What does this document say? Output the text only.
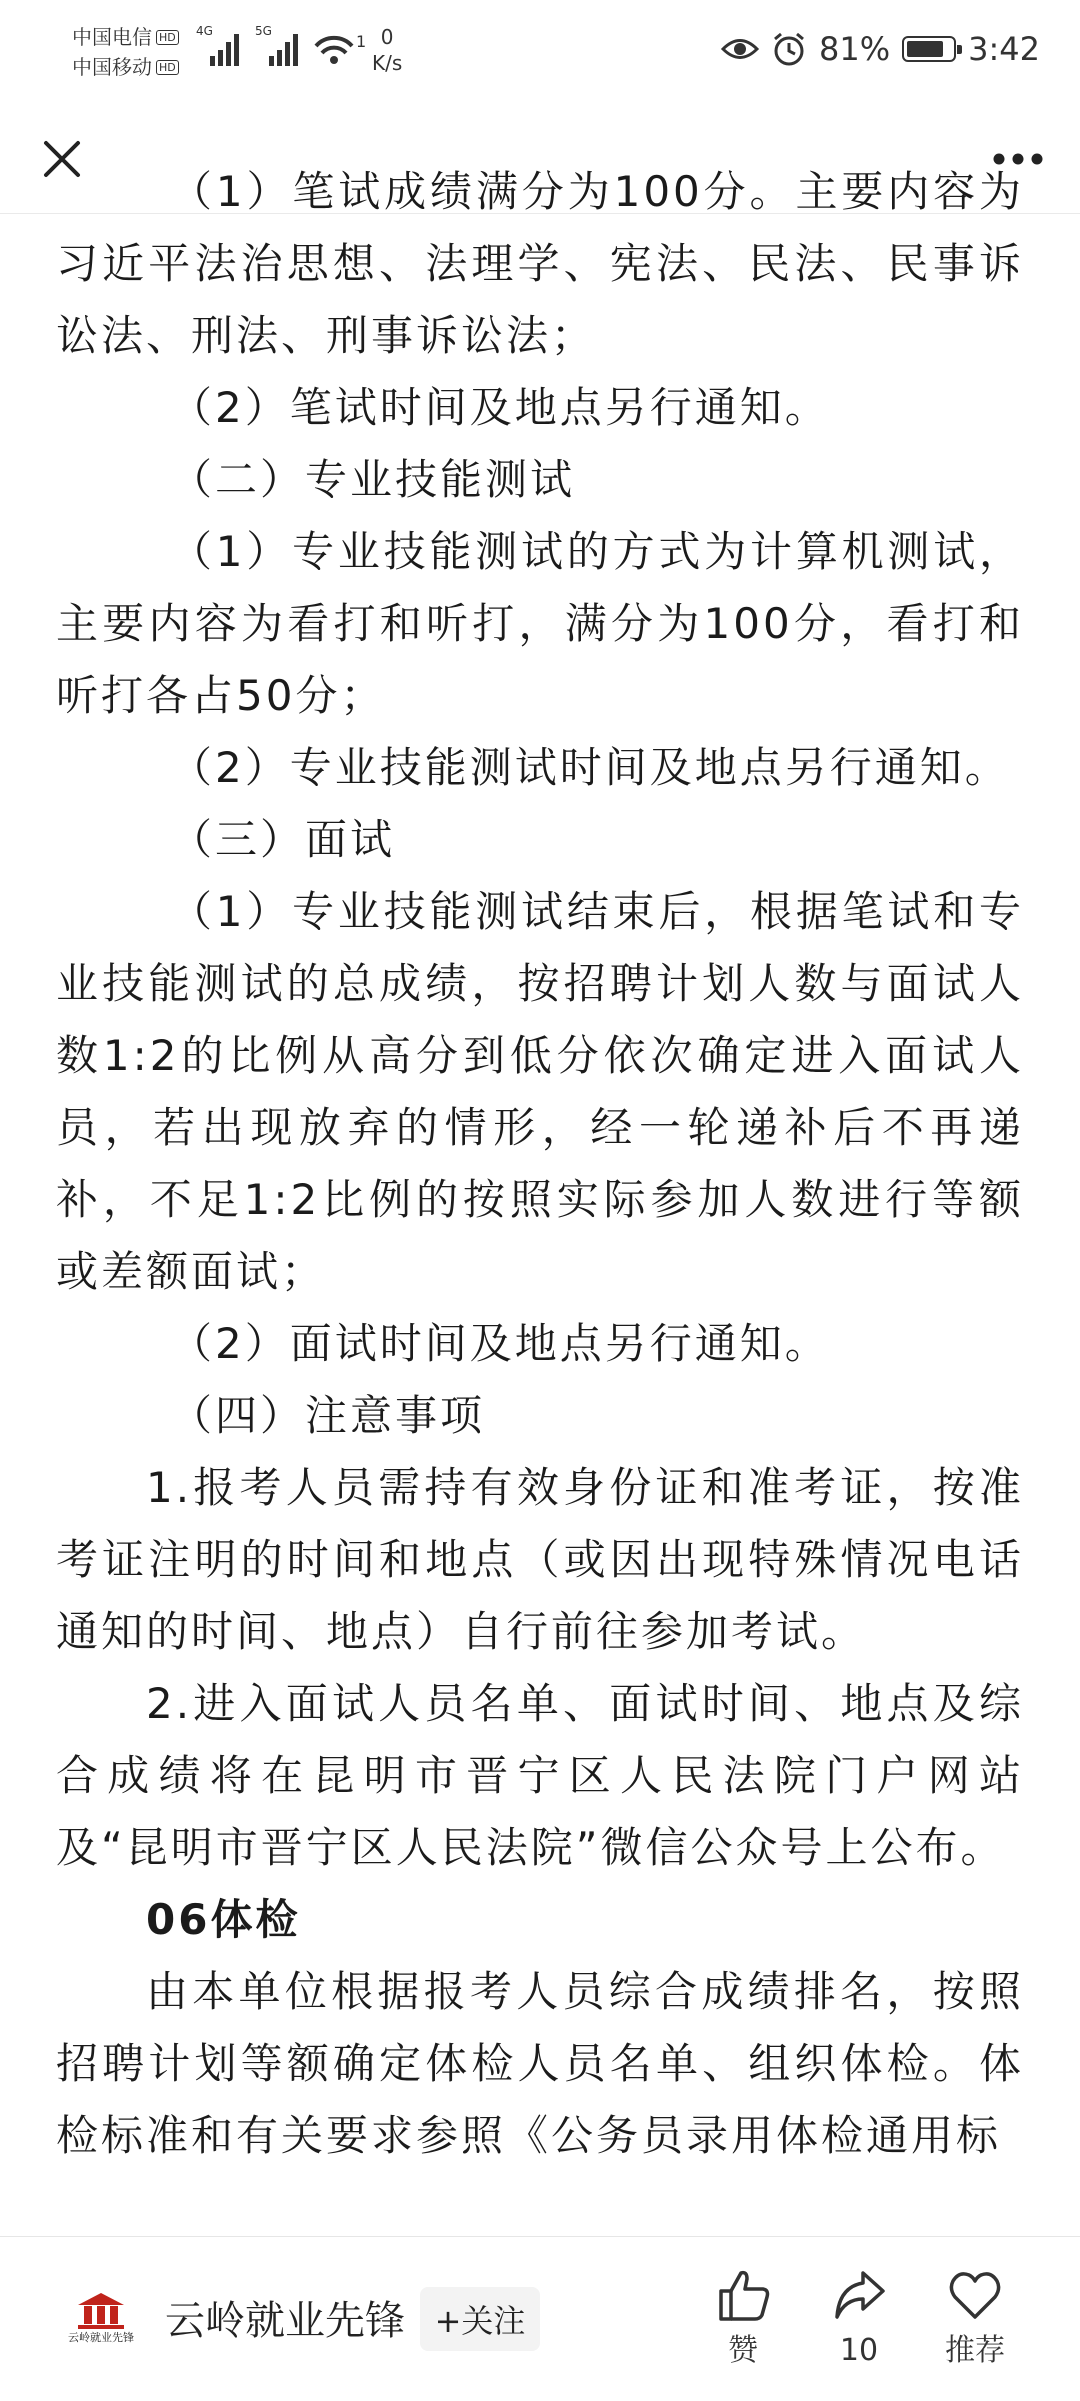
中国电信 HD
中国移动 HD
4G	5G
1 0
K/s	81% 3:42

（1）笔试成绩满分为100分。主要内容为习近平法治思想、法理学、宪法、民法、民事诉讼法、刑法、刑事诉讼法；

（2）笔试时间及地点另行通知。

（二）专业技能测试

（1）专业技能测试的方式为计算机测试，主要内容为看打和听打，满分为100分，看打和听打各占50分；

（2）专业技能测试时间及地点另行通知。

（三）面试

（1）专业技能测试结束后，根据笔试和专业技能测试的总成绩，按招聘计划人数与面试人数1:2的比例从高分到低分依次确定进入面试人员，若出现放弃的情形，经一轮递补后不再递补，不足1:2比例的按照实际参加人数进行等额或差额面试；

（2）面试时间及地点另行通知。

（四）注意事项

1.报考人员需持有效身份证和准考证，按准考证注明的时间和地点（或因出现特殊情况电话通知的时间、地点）自行前往参加考试。

2.进入面试人员名单、面试时间、地点及综合成绩将在昆明市晋宁区人民法院门户网站及“昆明市晋宁区人民法院”微信公众号上公布。

06体检

由本单位根据报考人员综合成绩排名，按照招聘计划等额确定体检人员名单、组织体检。体检标准和有关要求参照《公务员录用体检通用标

云岭就业先锋 云岭就业先锋 +关注
赞	10	推荐
